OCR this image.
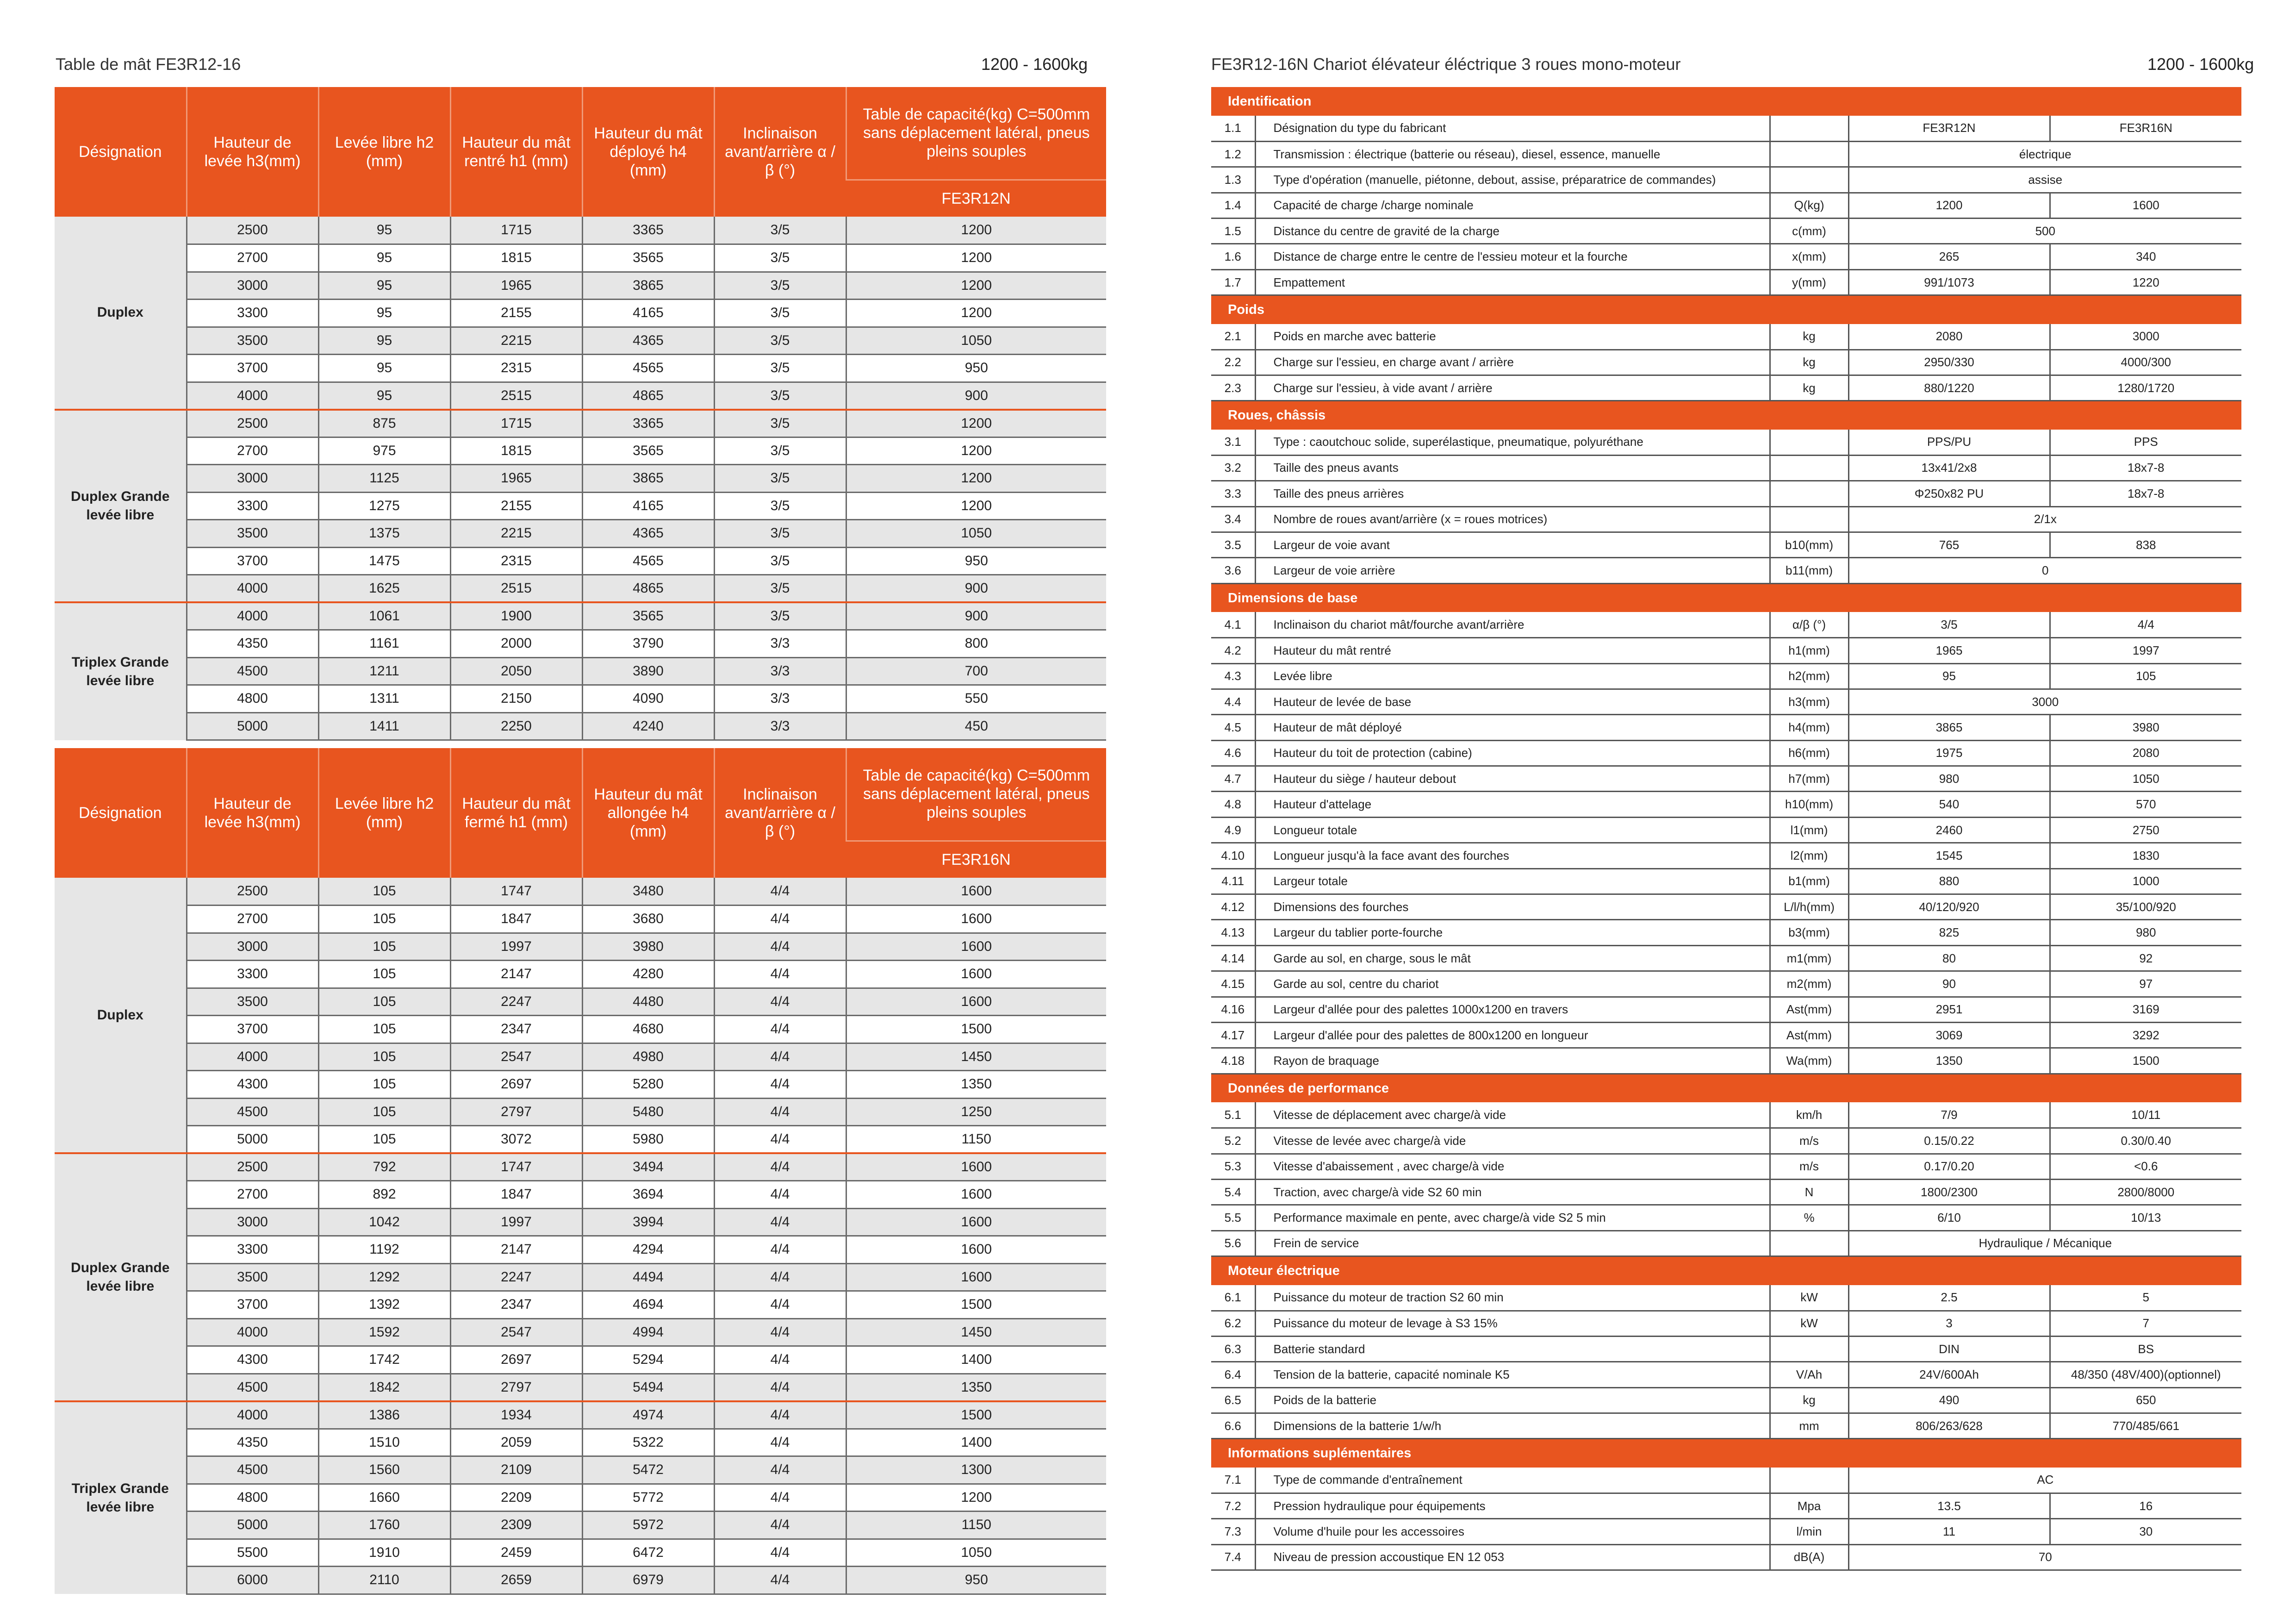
Table de mât FE3R12-16	1200 - 1600kg	FE3R12-16N Chariot élévateur éléctrique 3 roues mono-moteur	1200 - 1600kg
Désignation	Hauteur de levée h3(mm)	Levée libre h2 (mm)	Hauteur du mât rentré h1 (mm)	Hauteur du mât déployé h4 (mm)	Inclinaison avant/arrière α / β (°)	Table de capacité(kg) C=500mm sans déplacement latéral, pneus pleins souples
						FE3R12N
Duplex	2500	95	1715	3365	3/5	1200
	2700	95	1815	3565	3/5	1200
	3000	95	1965	3865	3/5	1200
	3300	95	2155	4165	3/5	1200
	3500	95	2215	4365	3/5	1050
	3700	95	2315	4565	3/5	950
	4000	95	2515	4865	3/5	900
Duplex Grande levée libre	2500	875	1715	3365	3/5	1200
	2700	975	1815	3565	3/5	1200
	3000	1125	1965	3865	3/5	1200
	3300	1275	2155	4165	3/5	1200
	3500	1375	2215	4365	3/5	1050
	3700	1475	2315	4565	3/5	950
	4000	1625	2515	4865	3/5	900
Triplex Grande levée libre	4000	1061	1900	3565	3/5	900
	4350	1161	2000	3790	3/3	800
	4500	1211	2050	3890	3/3	700
	4800	1311	2150	4090	3/3	550
	5000	1411	2250	4240	3/3	450
Désignation	Hauteur de levée h3(mm)	Levée libre h2 (mm)	Hauteur du mât fermé h1 (mm)	Hauteur du mât allongée h4 (mm)	Inclinaison avant/arrière α / β (°)	Table de capacité(kg) C=500mm sans déplacement latéral, pneus pleins souples
						FE3R16N
Duplex	2500	105	1747	3480	4/4	1600
	2700	105	1847	3680	4/4	1600
	3000	105	1997	3980	4/4	1600
	3300	105	2147	4280	4/4	1600
	3500	105	2247	4480	4/4	1600
	3700	105	2347	4680	4/4	1500
	4000	105	2547	4980	4/4	1450
	4300	105	2697	5280	4/4	1350
	4500	105	2797	5480	4/4	1250
	5000	105	3072	5980	4/4	1150
Duplex Grande levée libre	2500	792	1747	3494	4/4	1600
	2700	892	1847	3694	4/4	1600
	3000	1042	1997	3994	4/4	1600
	3300	1192	2147	4294	4/4	1600
	3500	1292	2247	4494	4/4	1600
	3700	1392	2347	4694	4/4	1500
	4000	1592	2547	4994	4/4	1450
	4300	1742	2697	5294	4/4	1400
	4500	1842	2797	5494	4/4	1350
Triplex Grande levée libre	4000	1386	1934	4974	4/4	1500
	4350	1510	2059	5322	4/4	1400
	4500	1560	2109	5472	4/4	1300
	4800	1660	2209	5772	4/4	1200
	5000	1760	2309	5972	4/4	1150
	5500	1910	2459	6472	4/4	1050
	6000	2110	2659	6979	4/4	950
Identification				
1.1	Désignation du type du fabricant		FE3R12N	FE3R16N
1.2	Transmission : électrique (batterie ou réseau), diesel, essence, manuelle		électrique	
1.3	Type d'opération (manuelle, piétonne, debout, assise, préparatrice de commandes)		assise	
1.4	Capacité de charge /charge nominale	Q(kg)	1200	1600
1.5	Distance du centre de gravité de la charge	c(mm)	500	
1.6	Distance de charge entre le centre de l'essieu moteur et la fourche	x(mm)	265	340
1.7	Empattement	y(mm)	991/1073	1220
Poids				
2.1	Poids en marche avec batterie	kg	2080	3000
2.2	Charge sur l'essieu, en charge avant / arrière	kg	2950/330	4000/300
2.3	Charge sur l'essieu, à vide avant / arrière	kg	880/1220	1280/1720
Roues, châssis				
3.1	Type : caoutchouc solide, superélastique, pneumatique, polyuréthane		PPS/PU	PPS
3.2	Taille des pneus avants		13x41/2x8	18x7-8
3.3	Taille des pneus arrières		Φ250x82 PU	18x7-8
3.4	Nombre de roues avant/arrière (x = roues motrices)		2/1x	
3.5	Largeur de voie avant	b10(mm)	765	838
3.6	Largeur de voie arrière	b11(mm)	0	
Dimensions de base				
4.1	Inclinaison du chariot mât/fourche avant/arrière	α/β (°)	3/5	4/4
4.2	Hauteur du mât rentré	h1(mm)	1965	1997
4.3	Levée libre	h2(mm)	95	105
4.4	Hauteur de levée de base	h3(mm)	3000	
4.5	Hauteur de mât déployé	h4(mm)	3865	3980
4.6	Hauteur du toit de protection (cabine)	h6(mm)	1975	2080
4.7	Hauteur du siège / hauteur debout	h7(mm)	980	1050
4.8	Hauteur d'attelage	h10(mm)	540	570
4.9	Longueur totale	l1(mm)	2460	2750
4.10	Longueur jusqu'à la face avant des fourches	l2(mm)	1545	1830
4.11	Largeur totale	b1(mm)	880	1000
4.12	Dimensions des fourches	L/l/h(mm)	40/120/920	35/100/920
4.13	Largeur du tablier porte-fourche	b3(mm)	825	980
4.14	Garde au sol, en charge, sous le mât	m1(mm)	80	92
4.15	Garde au sol, centre du chariot	m2(mm)	90	97
4.16	Largeur d'allée pour des palettes 1000x1200 en travers	Ast(mm)	2951	3169
4.17	Largeur d'allée pour des palettes de 800x1200 en longueur	Ast(mm)	3069	3292
4.18	Rayon de braquage	Wa(mm)	1350	1500
Données de performance				
5.1	Vitesse de déplacement avec charge/à vide	km/h	7/9	10/11
5.2	Vitesse de levée avec charge/à vide	m/s	0.15/0.22	0.30/0.40
5.3	Vitesse d'abaissement , avec charge/à vide	m/s	0.17/0.20	<0.6
5.4	Traction, avec charge/à vide S2 60 min	N	1800/2300	2800/8000
5.5	Performance maximale en pente, avec charge/à vide S2 5 min	%	6/10	10/13
5.6	Frein de service		Hydraulique / Mécanique	
Moteur électrique				
6.1	Puissance du moteur de traction S2 60 min	kW	2.5	5
6.2	Puissance du moteur de levage à S3 15%	kW	3	7
6.3	Batterie standard		DIN	BS
6.4	Tension de la batterie, capacité nominale K5	V/Ah	24V/600Ah	48/350 (48V/400)(optionnel)
6.5	Poids de la batterie	kg	490	650
6.6	Dimensions de la batterie 1/w/h	mm	806/263/628	770/485/661
Informations suplémentaires				
7.1	Type de commande d'entraînement		AC	
7.2	Pression hydraulique pour équipements	Mpa	13.5	16
7.3	Volume d'huile pour les accessoires	l/min	11	30
7.4	Niveau de pression accoustique EN 12 053	dB(A)	70	
